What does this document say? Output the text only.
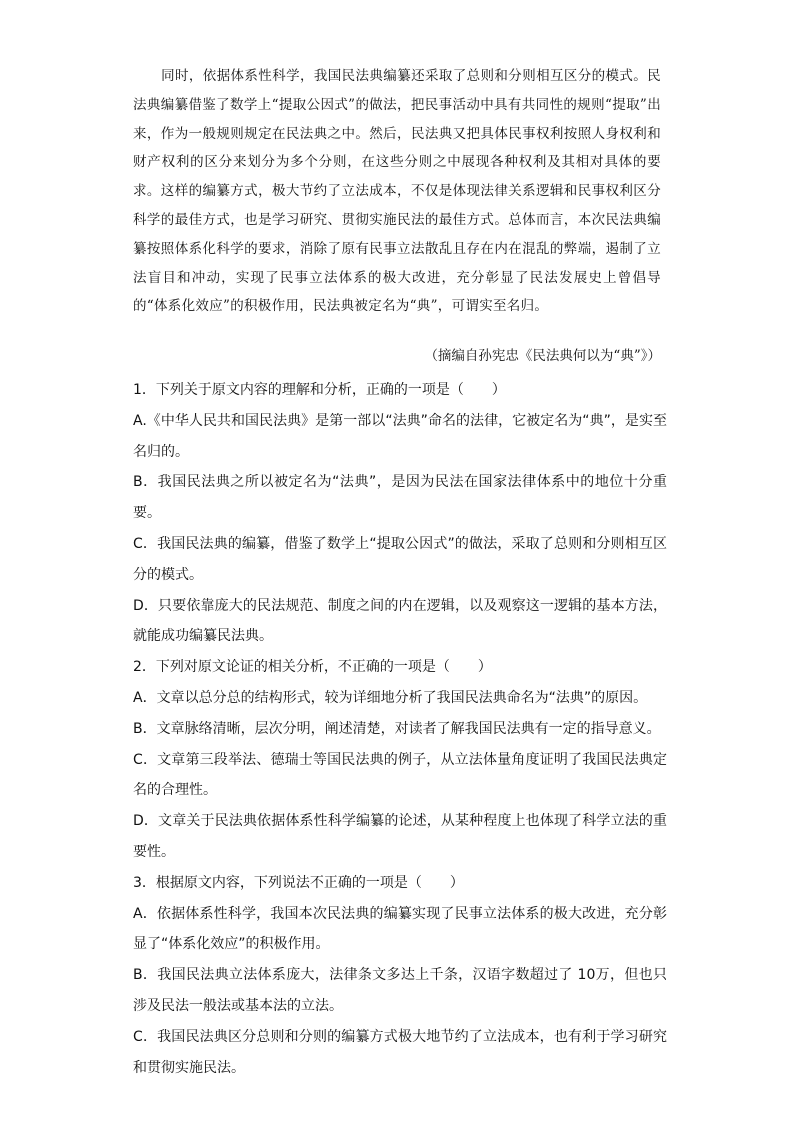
同时，依据体系性科学，我国民法典编纂还采取了总则和分则相互区分的模式。民法典编纂借鉴了数学上“提取公因式”的做法，把民事活动中具有共同性的规则“提取”出来，作为一般规则规定在民法典之中。然后，民法典又把具体民事权利按照人身权利和财产权利的区分来划分为多个分则，在这些分则之中展现各种权利及其相对具体的要求。这样的编纂方式，极大节约了立法成本，不仅是体现法律关系逻辑和民事权利区分科学的最佳方式，也是学习研究、贯彻实施民法的最佳方式。总体而言，本次民法典编纂按照体系化科学的要求，消除了原有民事立法散乱且存在内在混乱的弊端，遏制了立法盲目和冲动，实现了民事立法体系的极大改进，充分彰显了民法发展史上曾倡导的“体系化效应”的积极作用，民法典被定名为“典”，可谓实至名归。

（摘编自孙宪忠《民法典何以为“典”》）

1．下列关于原文内容的理解和分析，正确的一项是（　　）

A.《中华人民共和国民法典》是第一部以“法典”命名的法律，它被定名为“典”，是实至名归的。

B．我国民法典之所以被定名为“法典”，是因为民法在国家法律体系中的地位十分重要。

C．我国民法典的编纂，借鉴了数学上“提取公因式”的做法，采取了总则和分则相互区分的模式。

D．只要依靠庞大的民法规范、制度之间的内在逻辑，以及观察这一逻辑的基本方法，就能成功编纂民法典。

2．下列对原文论证的相关分析，不正确的一项是（　　）

A．文章以总分总的结构形式，较为详细地分析了我国民法典命名为“法典”的原因。

B．文章脉络清晰，层次分明，阐述清楚，对读者了解我国民法典有一定的指导意义。

C．文章第三段举法、德瑞士等国民法典的例子，从立法体量角度证明了我国民法典定名的合理性。

D．文章关于民法典依据体系性科学编纂的论述，从某种程度上也体现了科学立法的重要性。

3．根据原文内容，下列说法不正确的一项是（　　）

A．依据体系性科学，我国本次民法典的编纂实现了民事立法体系的极大改进，充分彰显了“体系化效应”的积极作用。

B．我国民法典立法体系庞大，法律条文多达上千条，汉语字数超过了 10万，但也只涉及民法一般法或基本法的立法。

C．我国民法典区分总则和分则的编纂方式极大地节约了立法成本，也有利于学习研究和贯彻实施民法。
